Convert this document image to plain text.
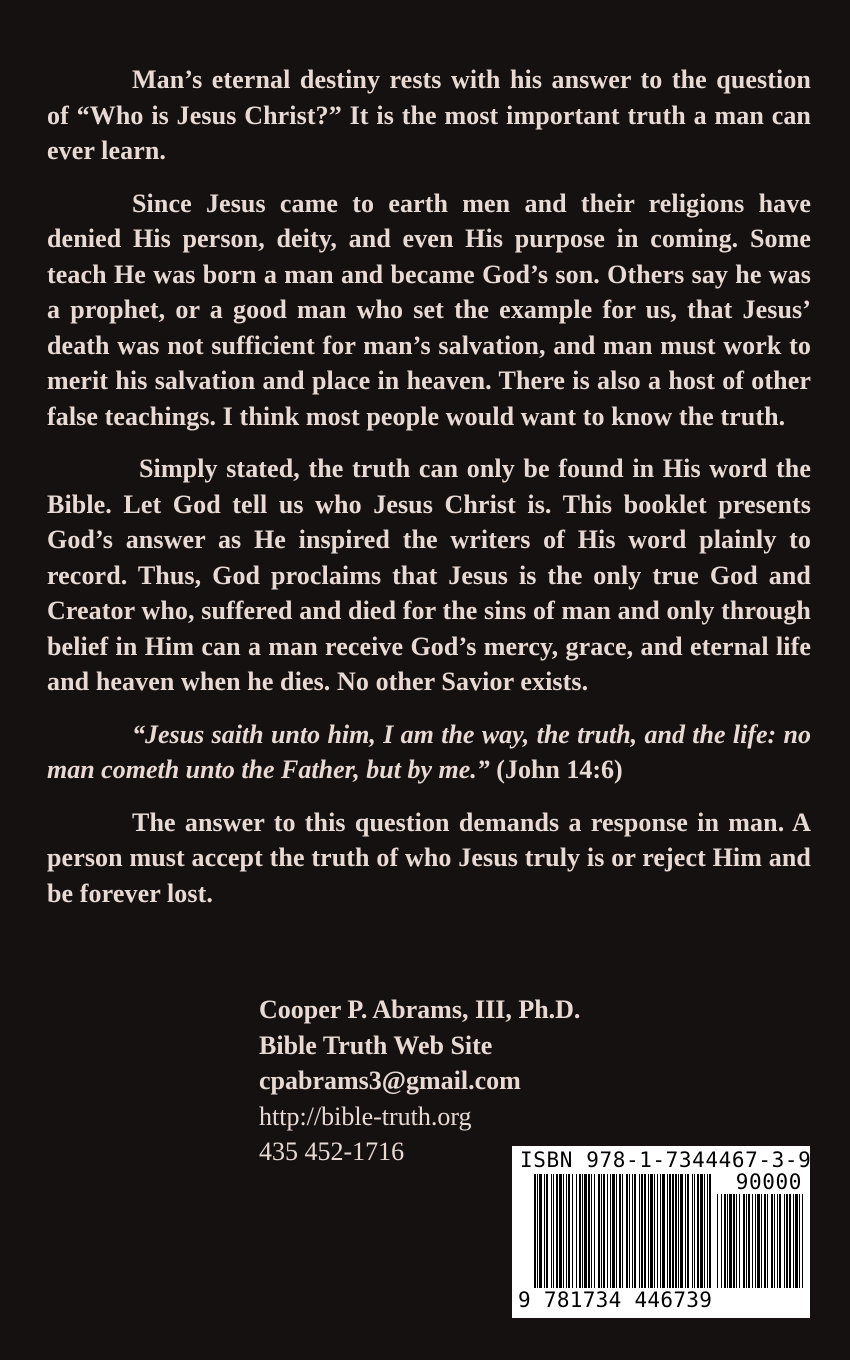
Man’s eternal destiny rests with his answer to the question of “Who is Jesus Christ?” It is the most important truth a man can ever learn.

Since Jesus came to earth men and their religions have denied His person, deity, and even His purpose in coming. Some teach He was born a man and became God’s son. Others say he was a prophet, or a good man who set the example for us, that Jesus’ death was not sufficient for man’s salvation, and man must work to merit his salvation and place in heaven. There is also a host of other false teachings. I think most people would want to know the truth.

Simply stated, the truth can only be found in His word the Bible. Let God tell us who Jesus Christ is. This booklet presents God’s answer as He inspired the writers of His word plainly to record. Thus, God proclaims that Jesus is the only true God and Creator who, suffered and died for the sins of man and only through belief in Him can a man receive God’s mercy, grace, and eternal life and heaven when he dies. No other Savior exists.

“Jesus saith unto him, I am the way, the truth, and the life: no man cometh unto the Father, but by me.” (John 14:6)

The answer to this question demands a response in man. A person must accept the truth of who Jesus truly is or reject Him and be forever lost.

Cooper P. Abrams, III, Ph.D.
Bible Truth Web Site
cpabrams3@gmail.com
http://bible-truth.org
435 452-1716	ISBN 978-1-7344467-3-9
90000
9 781734 446739
